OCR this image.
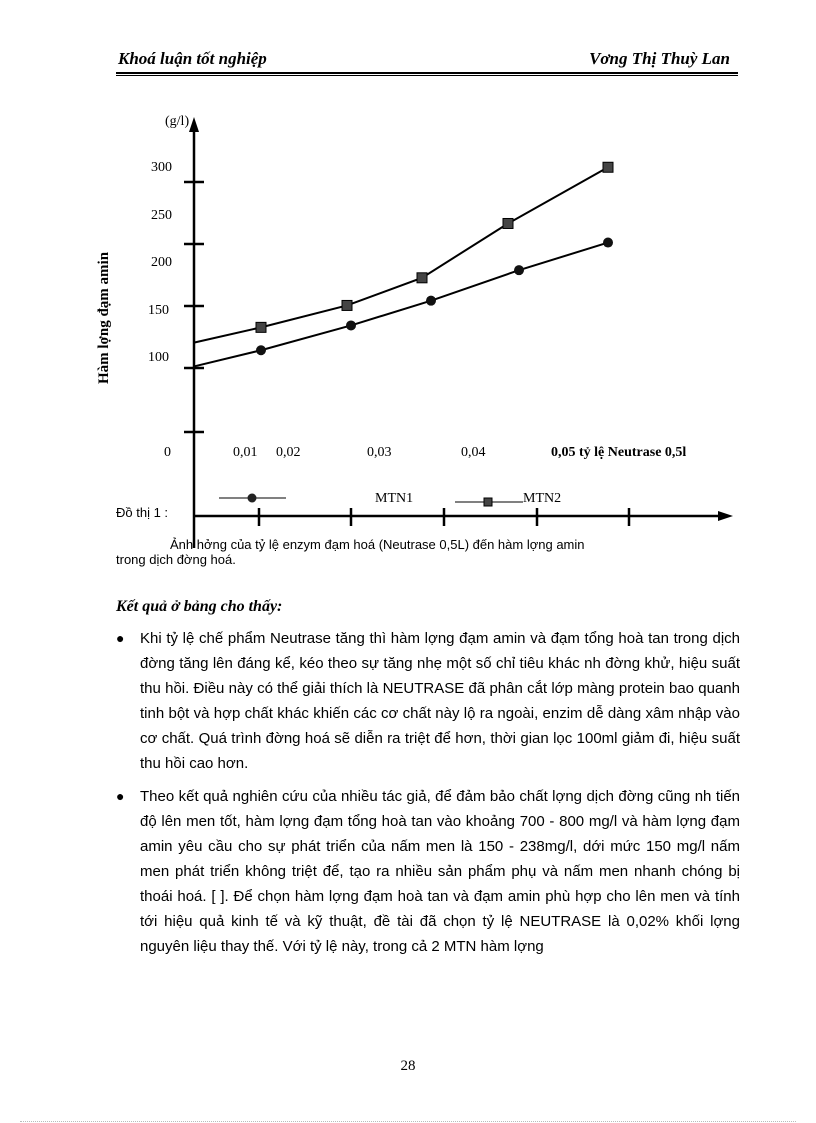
Khoá luận tốt nghiệp	Vơng Thị Thuỳ Lan
(g/l)
Hàm lợng đạm amin
300
250
200
150
100
0	0,01 0,02	0,03	0,04	0,05 tỷ lệ Neutrase 0,5l
MTN1	MTN2
Đồ thị 1 :
Ảnh hởng của tỷ lệ enzym đạm hoá (Neutrase 0,5L) đến hàm lợng amin
trong dịch đờng hoá.
Kết quả ở bảng cho thấy:
● Khi tỷ lệ chế phẩm Neutrase tăng thì hàm lợng đạm amin và đạm tổng hoà tan trong dịch đờng tăng lên đáng kể, kéo theo sự tăng nhẹ một số chỉ tiêu khác nh đờng khử, hiệu suất thu hồi. Điều này có thể giải thích là NEUTRASE đã phân cắt lớp màng protein bao quanh tinh bột và hợp chất khác khiến các cơ chất này lộ ra ngoài, enzim dễ dàng xâm nhập vào cơ chất. Quá trình đờng hoá sẽ diễn ra triệt để hơn, thời gian lọc 100ml giảm đi, hiệu suất thu hồi cao hơn.
● Theo kết quả nghiên cứu của nhiều tác giả, để đảm bảo chất lợng dịch đờng cũng nh tiến độ lên men tốt, hàm lợng đạm tổng hoà tan vào khoảng 700 - 800 mg/l và hàm lợng đạm amin yêu cầu cho sự phát triển của nấm men là 150 - 238mg/l, dới mức 150 mg/l nấm men phát triển không triệt để, tạo ra nhiều sản phẩm phụ và nấm men nhanh chóng bị thoái hoá. [ ]. Để chọn hàm lợng đạm hoà tan và đạm amin phù hợp cho lên men và tính tới hiệu quả kinh tế và kỹ thuật, đề tài đã chọn tỷ lệ NEUTRASE là 0,02% khối lợng nguyên liệu thay thế. Với tỷ lệ này, trong cả 2 MTN hàm lợng
28
